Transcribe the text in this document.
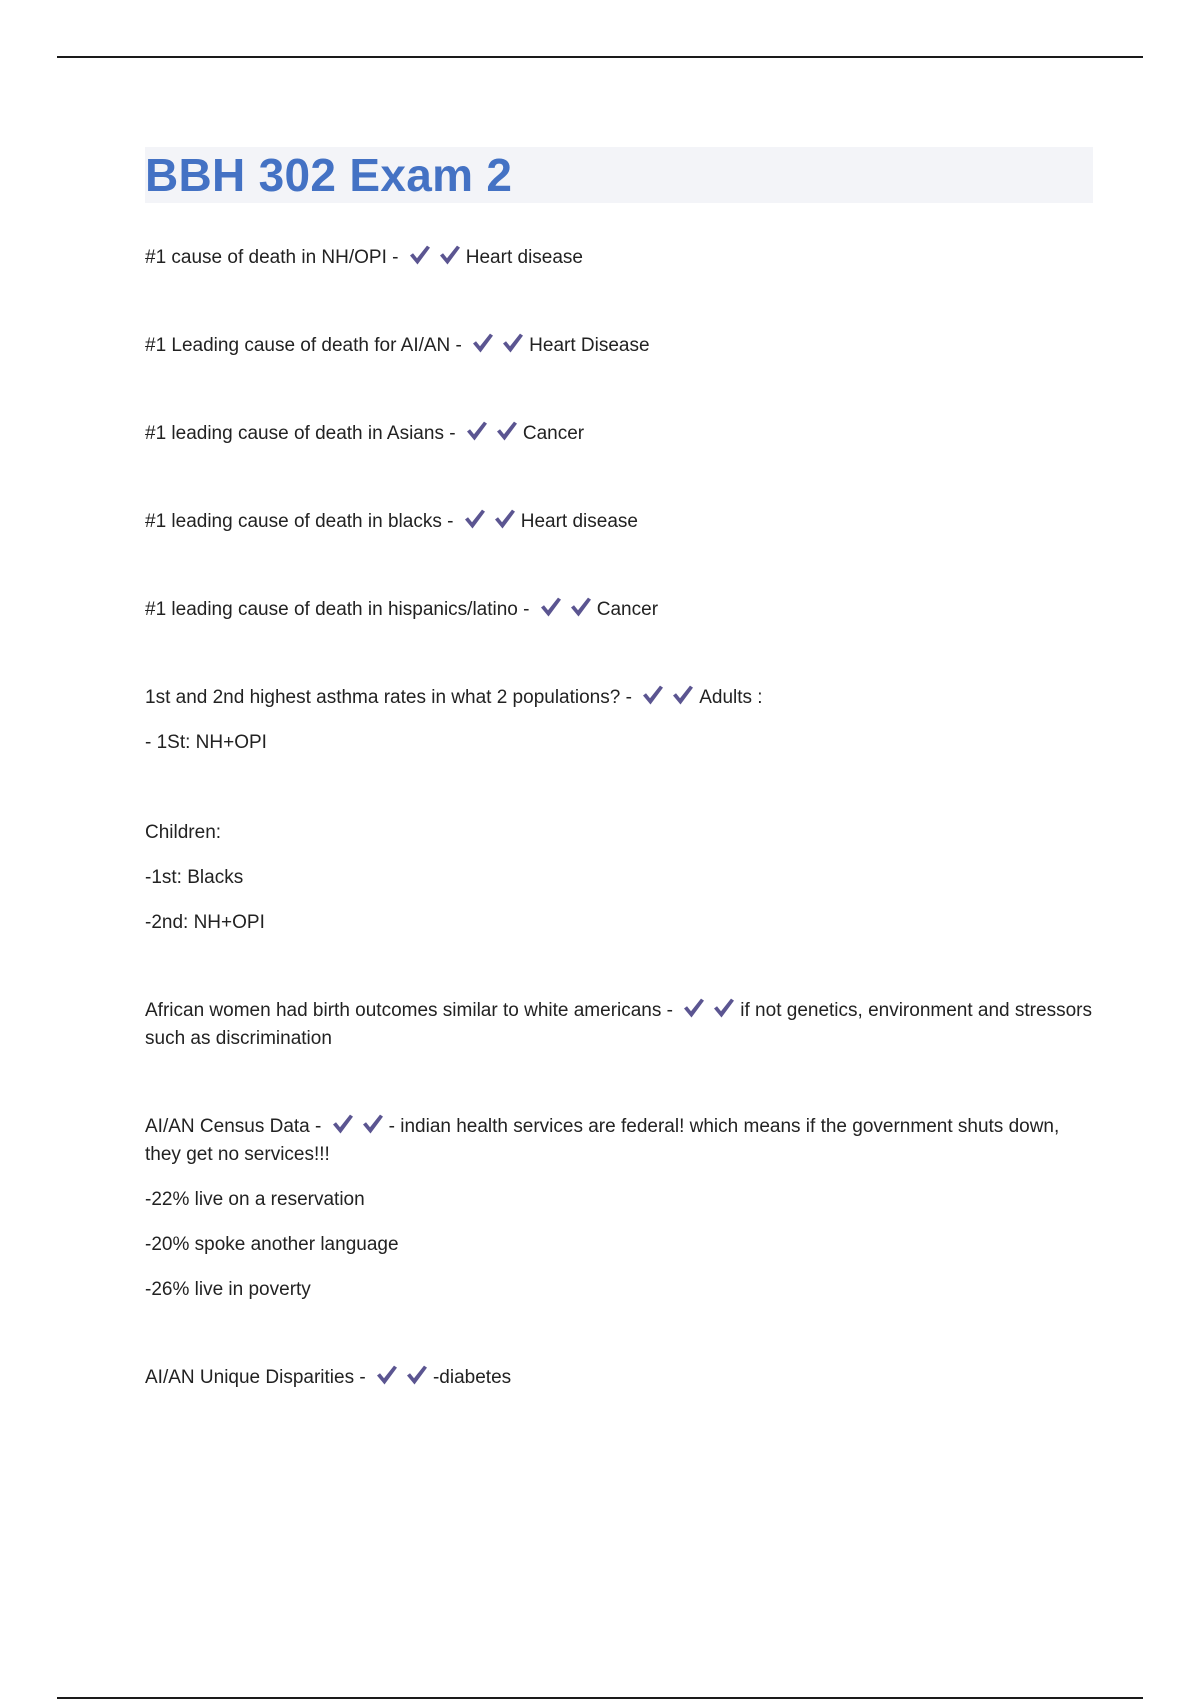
BBH 302 Exam 2

#1 cause of death in NH/OPI -	Heart disease

#1 Leading cause of death for AI/AN -	Heart Disease

#1 leading cause of death in Asians -	Cancer

#1 leading cause of death in blacks -	Heart disease

#1 leading cause of death in hispanics/latino -	Cancer

1st and 2nd highest asthma rates in what 2 populations? -	Adults :

- 1St: NH+OPI

Children:

-1st: Blacks

-2nd: NH+OPI

African women had birth outcomes similar to white americans -	if not genetics, environment and stressors such as discrimination

AI/AN Census Data -	- indian health services are federal! which means if the government shuts down, they get no services!!!

-22% live on a reservation

-20% spoke another language

-26% live in poverty

AI/AN Unique Disparities -	-diabetes
